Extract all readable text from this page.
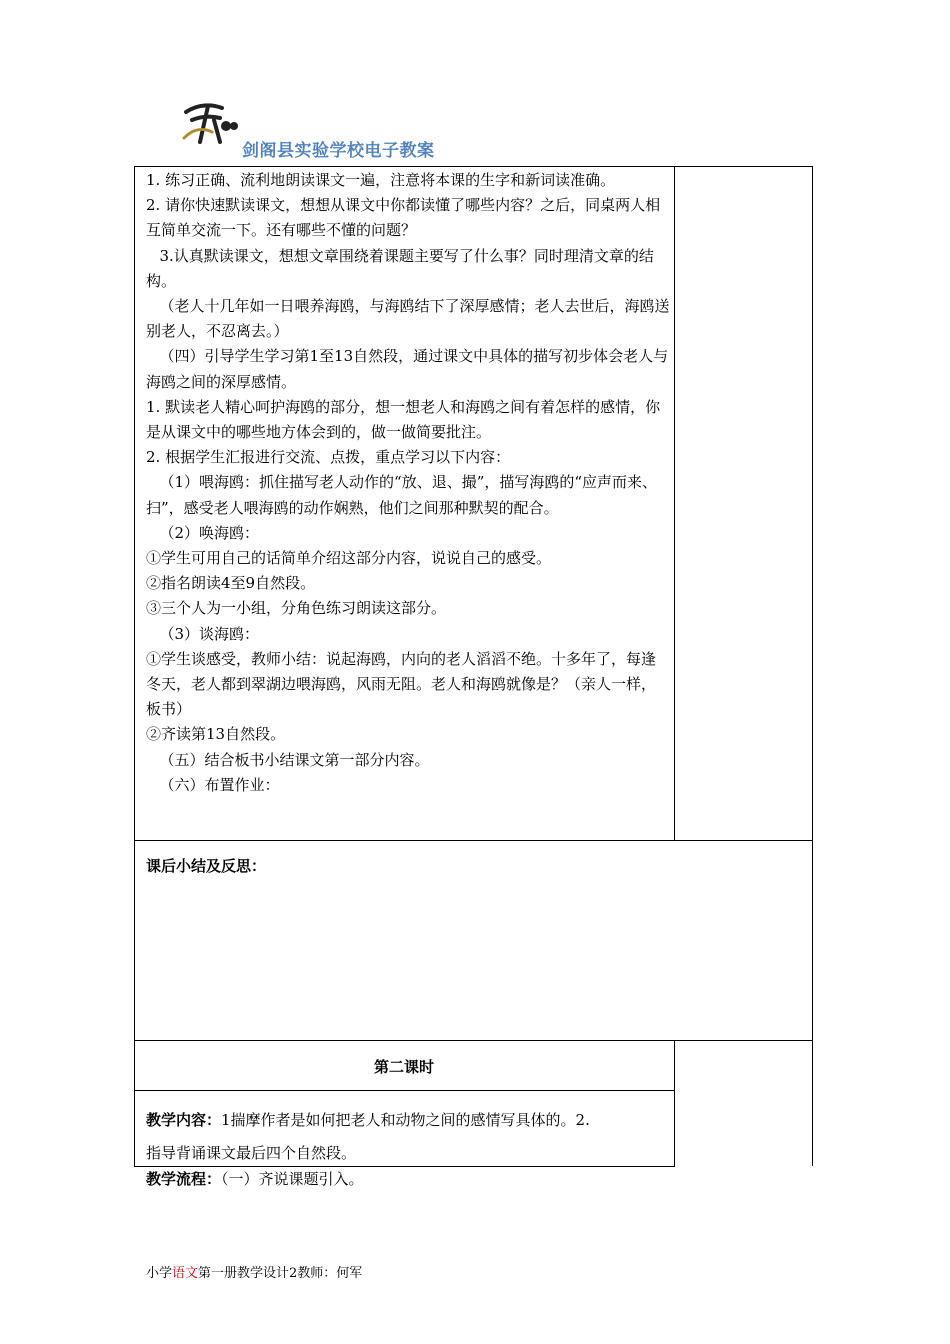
剑阁县实验学校电子教案

1. 练习正确、流利地朗读课文一遍，注意将本课的生字和新词读准确。

2. 请你快速默读课文，想想从课文中你都读懂了哪些内容？之后，同桌两人相互简单交流一下。还有哪些不懂的问题？

3.认真默读课文，想想文章围绕着课题主要写了什么事？同时理清文章的结构。

（老人十几年如一日喂养海鸥，与海鸥结下了深厚感情；老人去世后，海鸥送别老人，不忍离去。）

（四）引导学生学习第1至13自然段，通过课文中具体的描写初步体会老人与海鸥之间的深厚感情。

1. 默读老人精心呵护海鸥的部分，想一想老人和海鸥之间有着怎样的感情，你是从课文中的哪些地方体会到的，做一做简要批注。

2. 根据学生汇报进行交流、点拨，重点学习以下内容：

（1）喂海鸥：抓住描写老人动作的“放、退、撮”，描写海鸥的“应声而来、扫”，感受老人喂海鸥的动作娴熟，他们之间那种默契的配合。

（2）唤海鸥：

①学生可用自己的话简单介绍这部分内容，说说自己的感受。

②指名朗读4至9自然段。

③三个人为一小组，分角色练习朗读这部分。

（3）谈海鸥：

①学生谈感受，教师小结：说起海鸥，内向的老人滔滔不绝。十多年了，每逢冬天，老人都到翠湖边喂海鸥，风雨无阻。老人和海鸥就像是？（亲人一样，板书）

②齐读第13自然段。

（五）结合板书小结课文第一部分内容。

（六）布置作业：

课后小结及反思：
第二课时

教学内容：1揣摩作者是如何把老人和动物之间的感情写具体的。2.

指导背诵课文最后四个自然段。

教学流程：（一）齐说课题引入。
小学语文第一册教学设计2教师：何军
